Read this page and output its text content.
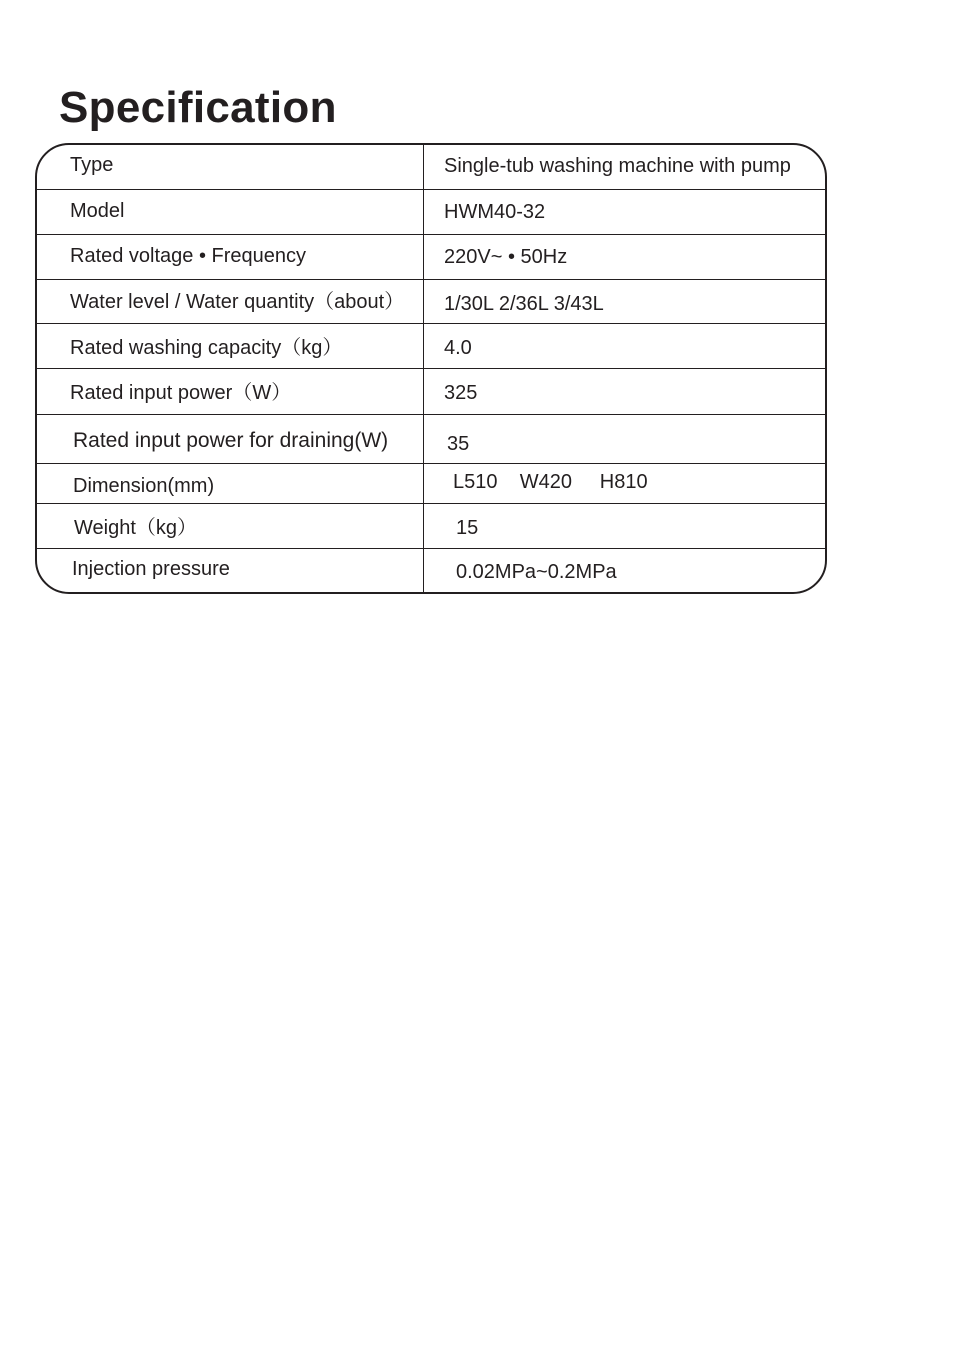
Specification
Type	Single-tub washing machine with pump
Model	HWM40-32
Rated voltage • Frequency	220V~ • 50Hz
Water level / Water quantity（about） 1/30L 2/36L 3/43L
Rated washing capacity（kg）	4.0
Rated input power（W）	325
Rated input power for draining(W)	35
Dimension(mm)	L510    W420     H810
Weight（kg）	15
Injection pressure	0.02MPa~0.2MPa
